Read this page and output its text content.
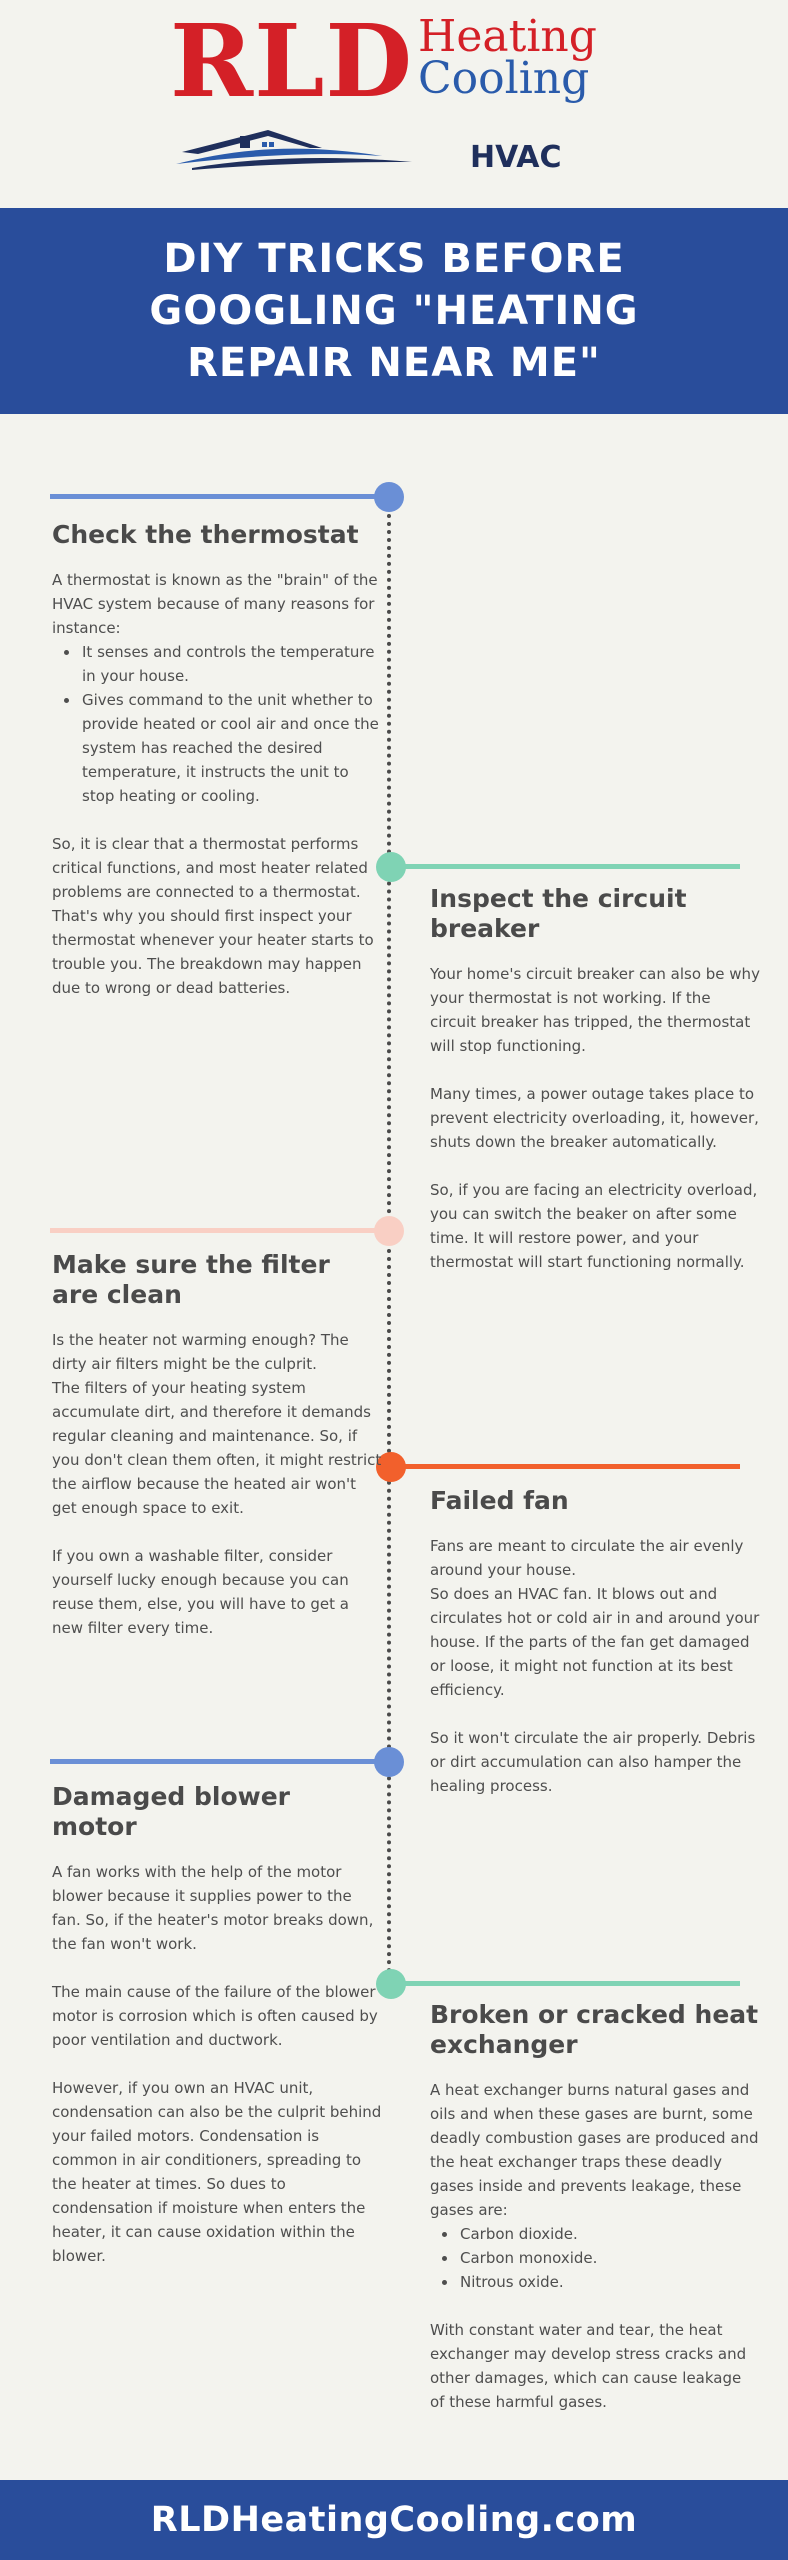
RLD Heating
Cooling
HVAC
DIY TRICKS BEFORE GOOGLING "HEATING REPAIR NEAR ME"
Check the thermostat

A thermostat is known as the "brain" of the HVAC system because of many reasons for instance:

• It senses and controls the temperature in your house.
• Gives command to the unit whether to provide heated or cool air and once the system has reached the desired temperature, it instructs the unit to stop heating or cooling.

So, it is clear that a thermostat performs critical functions, and most heater related problems are connected to a thermostat. That's why you should first inspect your thermostat whenever your heater starts to trouble you. The breakdown may happen due to wrong or dead batteries.

Inspect the circuit breaker

Your home's circuit breaker can also be why your thermostat is not working. If the circuit breaker has tripped, the thermostat will stop functioning.

Many times, a power outage takes place to prevent electricity overloading, it, however, shuts down the breaker automatically.

So, if you are facing an electricity overload, you can switch the beaker on after some time. It will restore power, and your thermostat will start functioning normally.

Make sure the filter are clean

Is the heater not warming enough? The dirty air filters might be the culprit.

The filters of your heating system accumulate dirt, and therefore it demands regular cleaning and maintenance. So, if you don't clean them often, it might restrict the airflow because the heated air won't get enough space to exit.

If you own a washable filter, consider yourself lucky enough because you can reuse them, else, you will have to get a new filter every time.

Failed fan

Fans are meant to circulate the air evenly around your house.

So does an HVAC fan. It blows out and circulates hot or cold air in and around your house. If the parts of the fan get damaged or loose, it might not function at its best efficiency.

So it won't circulate the air properly. Debris or dirt accumulation can also hamper the healing process.

Damaged blower motor

A fan works with the help of the motor blower because it supplies power to the fan. So, if the heater's motor breaks down, the fan won't work.

The main cause of the failure of the blower motor is corrosion which is often caused by poor ventilation and ductwork.

However, if you own an HVAC unit, condensation can also be the culprit behind your failed motors. Condensation is common in air conditioners, spreading to the heater at times. So dues to condensation if moisture when enters the heater, it can cause oxidation within the blower.

Broken or cracked heat exchanger

A heat exchanger burns natural gases and oils and when these gases are burnt, some deadly combustion gases are produced and the heat exchanger traps these deadly gases inside and prevents leakage, these gases are:

• Carbon dioxide.
• Carbon monoxide.
• Nitrous oxide.

With constant water and tear, the heat exchanger may develop stress cracks and other damages, which can cause leakage of these harmful gases.

RLDHeatingCooling.com
